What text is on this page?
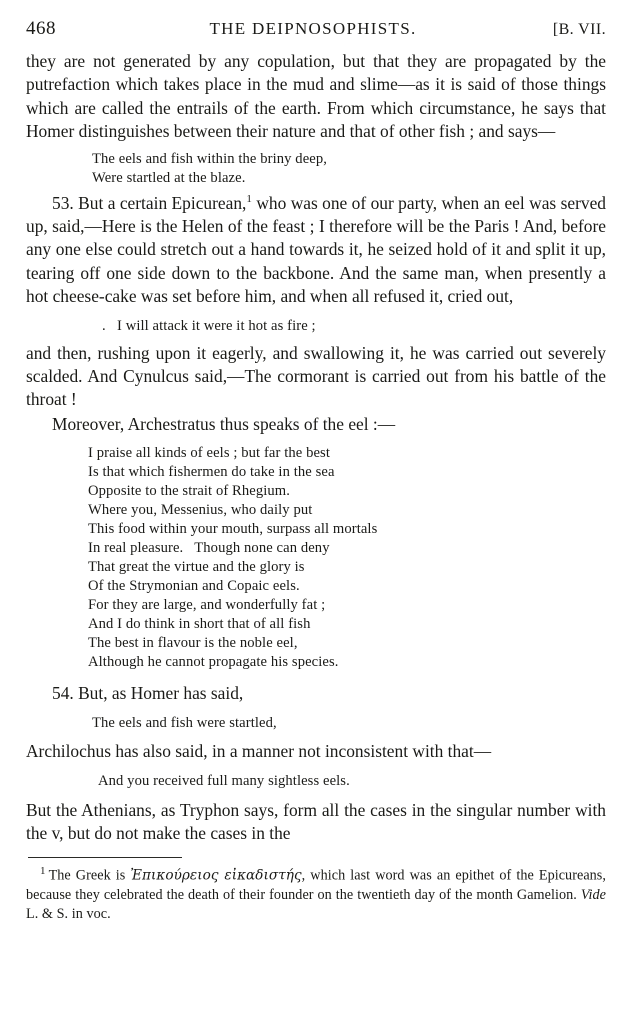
468	THE DEIPNOSOPHISTS.	[B. VII.

they are not generated by any copulation, but that they are propagated by the putrefaction which takes place in the mud and slime—as it is said of those things which are called the entrails of the earth. From which circumstance, he says that Homer distinguishes between their nature and that of other fish ; and says—

The eels and fish within the briny deep,
Were startled at the blaze.

53. But a certain Epicurean,$^1$ who was one of our party, when an eel was served up, said,—Here is the Helen of the feast ; I therefore will be the Paris ! And, before any one else could stretch out a hand towards it, he seized hold of it and split it up, tearing off one side down to the backbone. And the same man, when presently a hot cheese-cake was set before him, and when all refused it, cried out,

.   I will attack it were it hot as fire ;

and then, rushing upon it eagerly, and swallowing it, he was carried out severely scalded. And Cynulcus said,—The cormorant is carried out from his battle of the throat !

Moreover, Archestratus thus speaks of the eel :—

I praise all kinds of eels ; but far the best
Is that which fishermen do take in the sea
Opposite to the strait of Rhegium.
Where you, Messenius, who daily put
This food within your mouth, surpass all mortals
In real pleasure.   Though none can deny
That great the virtue and the glory is
Of the Strymonian and Copaic eels.
For they are large, and wonderfully fat ;
And I do think in short that of all fish
The best in flavour is the noble eel,
Although he cannot propagate his species.

54. But, as Homer has said,

The eels and fish were startled,

Archilochus has also said, in a manner not inconsistent with that—

And you received full many sightless eels.

But the Athenians, as Tryphon says, form all the cases in the singular number with the v, but do not make the cases in the

$^1$ The Greek is Ἐπικούρειος εἰκαδιστής, which last word was an epithet of the Epicureans, because they celebrated the death of their founder on the twentieth day of the month Gamelion. Vide L. & S. in voc.
